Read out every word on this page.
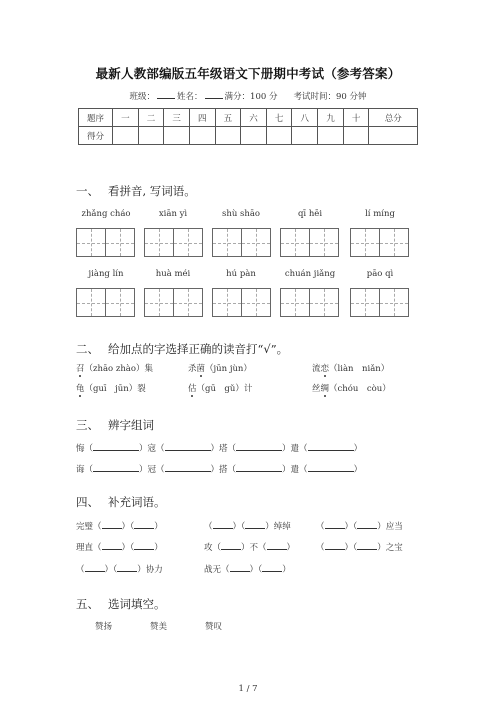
最新人教部编版五年级语文下册期中考试（参考答案）
班级：	姓名：	满分：100 分 考试时间：90 分钟
题序	一	二	三	四	五	六	七	八	九	十	总分
得分											
一、 看拼音, 写词语。
zhǎng cháo	xiān yì	shù shāo	qī hēi	lí míng
jiàng lín	huà méi	hú pàn	chuán jiǎng	pāo qì
二、 给加点的字选择正确的读音打“√”。
召（zhāo zhào）集	杀菌（jūn jùn）	流恋（liàn　niǎn）
龟（guī　jūn）裂	估（gū　gǔ）计	丝绸（chóu　còu）
三、 辨字组词
悔（	）寇（	）塔（	）遣（	）
诲（	）冠（	）搭（	）遣（	）
四、 补充词语。
完璧（ ）（ ）	（ ）（ ）绰绰	（ ）（ ）应当
理直（ ）（ ）	攻（ ）不（ ） （ ）（ ）之宝
（ ）（ ）协力	战无（ ）（ ）
五、 选词填空。
赞扬	赞美	赞叹
1 / 7
